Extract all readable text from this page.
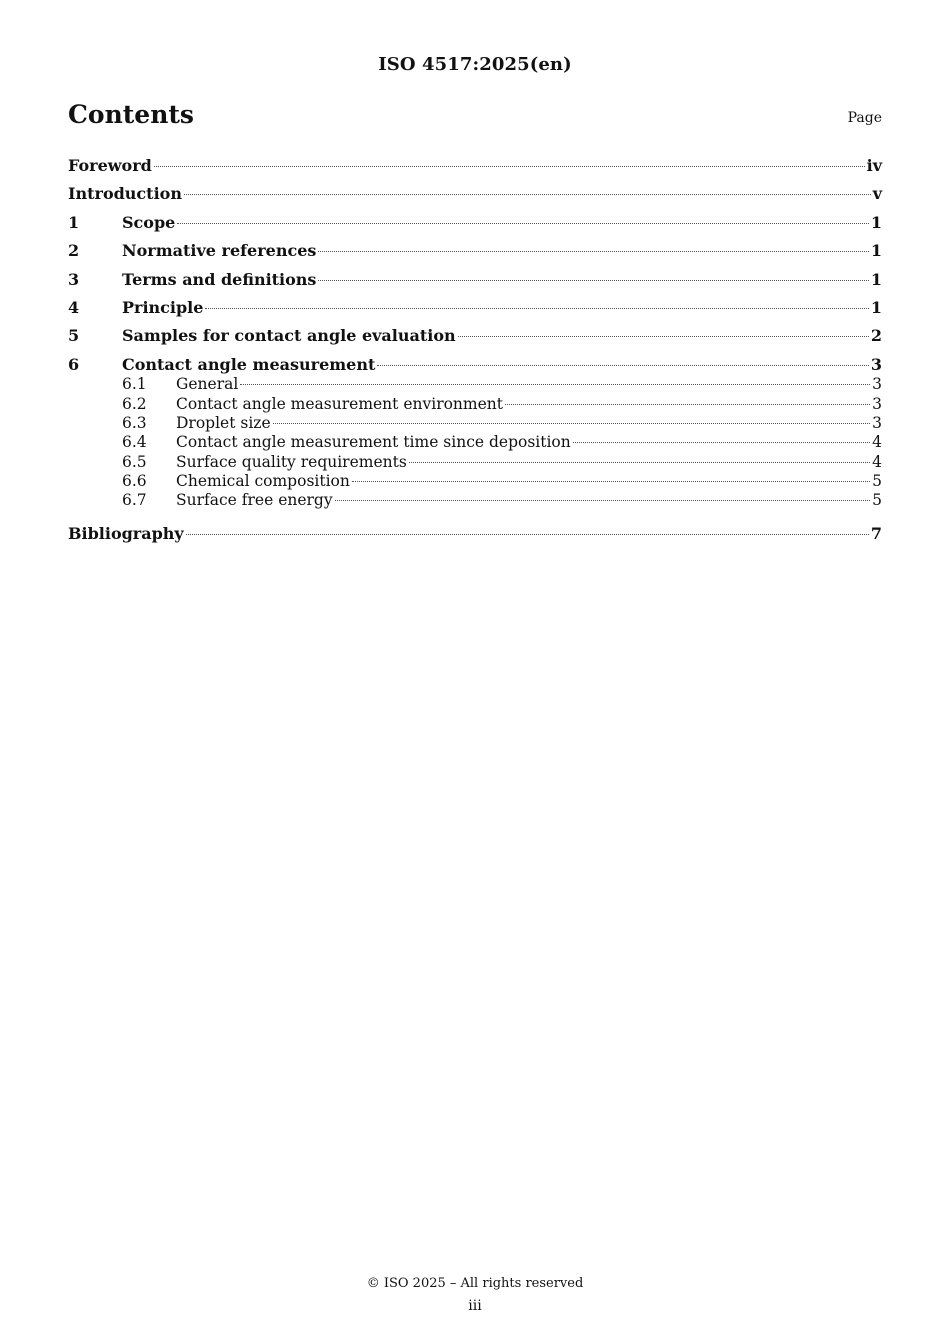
ISO 4517:2025(en)
Contents	Page
Foreword	iv
Introduction	v
1	Scope	1
2	Normative references	1
3	Terms and definitions	1
4	Principle	1
5	Samples for contact angle evaluation	2
6	Contact angle measurement	3
6.1	General	3
6.2	Contact angle measurement environment	3
6.3	Droplet size	3
6.4	Contact angle measurement time since deposition	4
6.5	Surface quality requirements	4
6.6	Chemical composition	5
6.7	Surface free energy	5
Bibliography	7
© ISO 2025 – All rights reserved
iii
